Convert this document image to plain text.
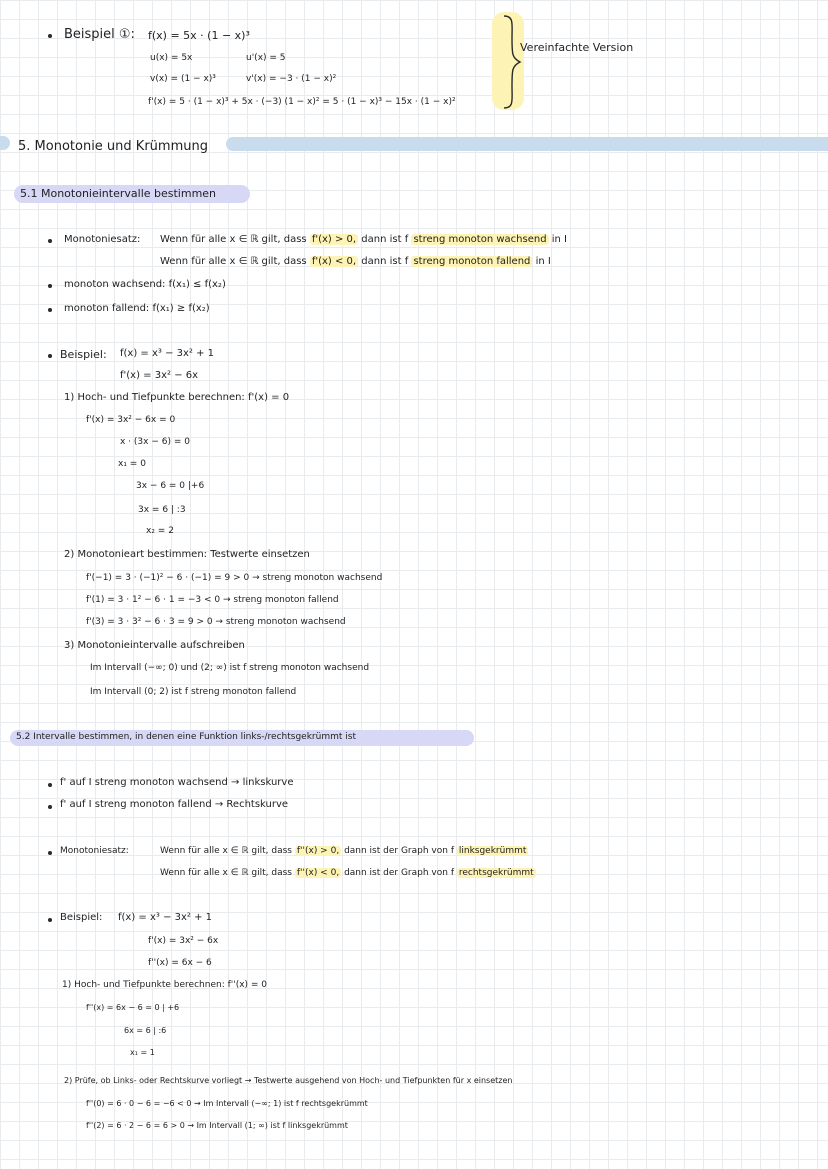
Vereinfachte Version
Beispiel ①: f(x) = 5x · (1 − x)³
u(x) = 5x	u'(x) = 5
v(x) = (1 − x)³	v'(x) = −3 · (1 − x)²
f'(x) = 5 · (1 − x)³ + 5x · (−3) (1 − x)² = 5 · (1 − x)³ − 15x · (1 − x)²
5. Monotonie und Krümmung
5.1 Monotonieintervalle bestimmen
Monotoniesatz: Wenn für alle x ∈ ℝ gilt, dass f'(x) > 0, dann ist f streng monoton wachsend in I
Wenn für alle x ∈ ℝ gilt, dass f'(x) < 0, dann ist f streng monoton fallend in I
monoton wachsend: f(x₁) ≤ f(x₂)
monoton fallend: f(x₁) ≥ f(x₂)
Beispiel: f(x) = x³ − 3x² + 1
f'(x) = 3x² − 6x
1) Hoch- und Tiefpunkte berechnen: f'(x) = 0
f'(x) = 3x² − 6x = 0
x · (3x − 6) = 0
x₁ = 0
3x − 6 = 0 |+6
3x = 6 | :3
x₂ = 2
2) Monotonieart bestimmen: Testwerte einsetzen
f'(−1) = 3 · (−1)² − 6 · (−1) = 9 > 0 → streng monoton wachsend
f'(1) = 3 · 1² − 6 · 1 = −3 < 0 → streng monoton fallend
f'(3) = 3 · 3² − 6 · 3 = 9 > 0 → streng monoton wachsend
3) Monotonieintervalle aufschreiben
Im Intervall (−∞; 0) und (2; ∞) ist f streng monoton wachsend
Im Intervall (0; 2) ist f streng monoton fallend
5.2 Intervalle bestimmen, in denen eine Funktion links-/rechtsgekrümmt ist
f' auf I streng monoton wachsend → linkskurve
f' auf I streng monoton fallend → Rechtskurve
Monotoniesatz:	Wenn für alle x ∈ ℝ gilt, dass f''(x) > 0, dann ist der Graph von f linksgekrümmt
Wenn für alle x ∈ ℝ gilt, dass f''(x) < 0, dann ist der Graph von f rechtsgekrümmt
Beispiel: f(x) = x³ − 3x² + 1
f'(x) = 3x² − 6x
f''(x) = 6x − 6
1) Hoch- und Tiefpunkte berechnen: f''(x) = 0
f''(x) = 6x − 6 = 0 | +6
6x = 6 | :6
x₁ = 1
2) Prüfe, ob Links- oder Rechtskurve vorliegt → Testwerte ausgehend von Hoch- und Tiefpunkten für x einsetzen
f''(0) = 6 · 0 − 6 = −6 < 0 → Im Intervall (−∞; 1) ist f rechtsgekrümmt
f''(2) = 6 · 2 − 6 = 6 > 0 → Im Intervall (1; ∞) ist f linksgekrümmt
